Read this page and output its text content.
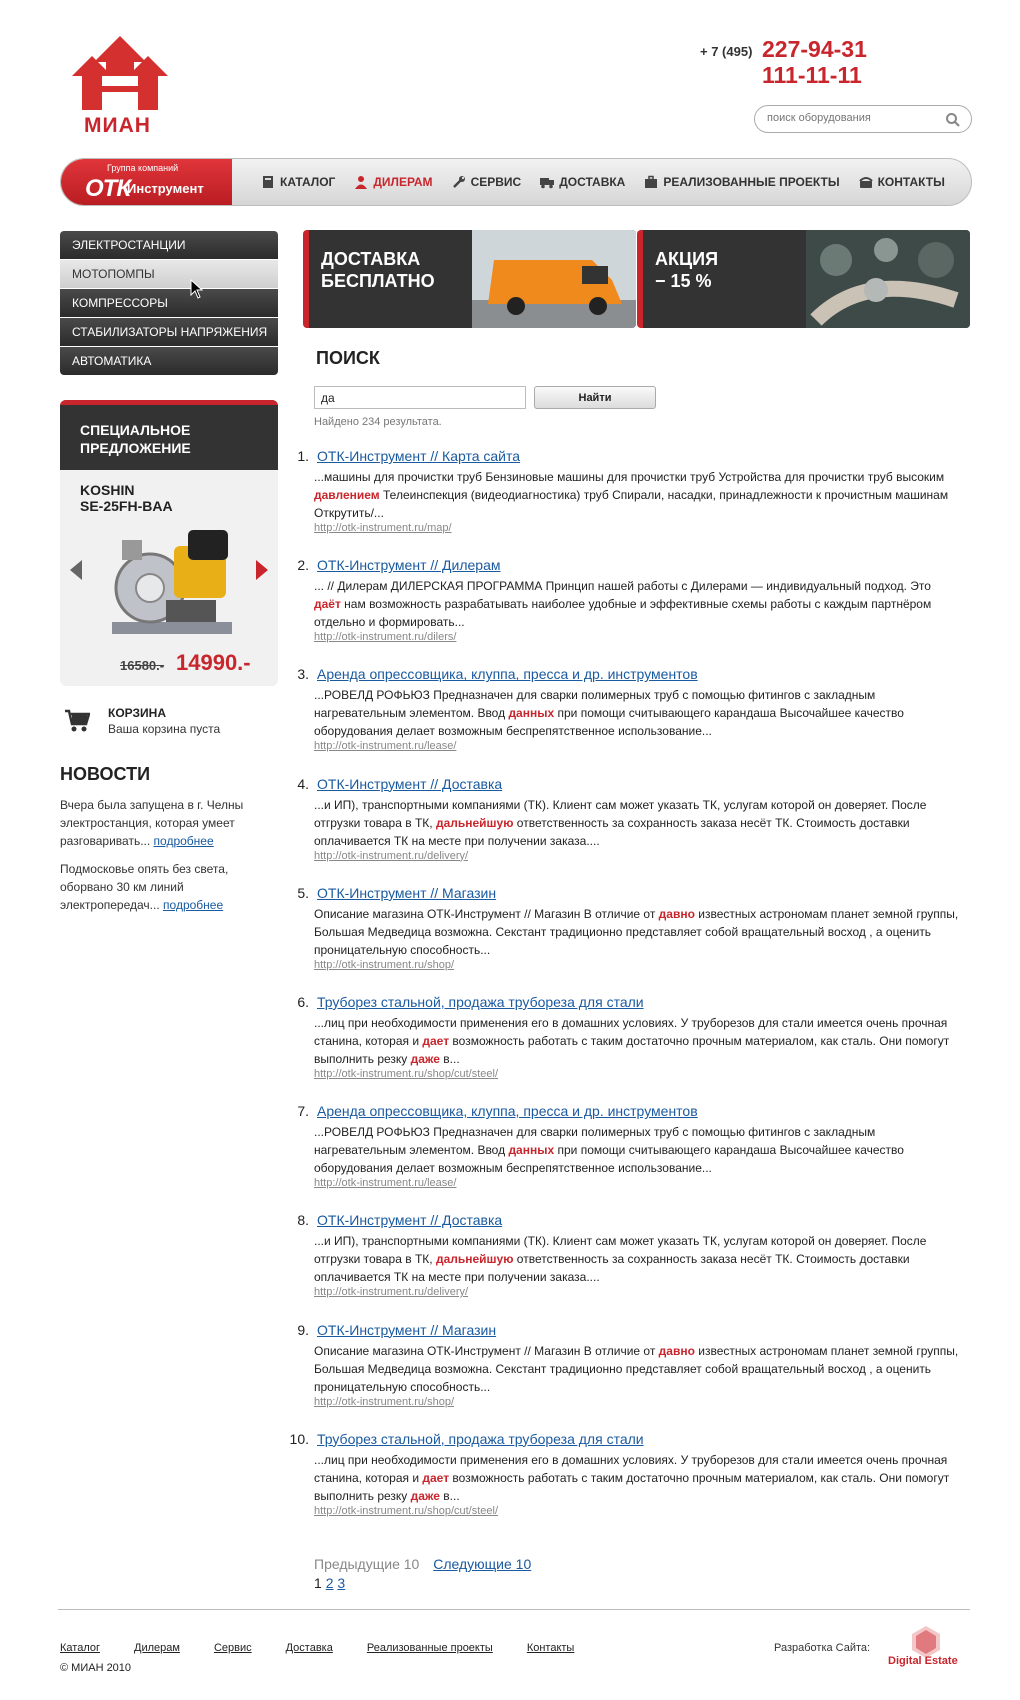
МИАН
+ 7 (495) 227-94-31
111-11-11
поиск оборудования
Группа компаний
ОТК
Инструмент	КАТАЛОГ	ДИЛЕРАМ	СЕРВИС	ДОСТАВКА	РЕАЛИЗОВАННЫЕ ПРОЕКТЫ	КОНТАКТЫ
ЭЛЕКТРОСТАНЦИИ
МОТОПОМПЫ
КОМПРЕССОРЫ
СТАБИЛИЗАТОРЫ НАПРЯЖЕНИЯ
АВТОМАТИКА
СПЕЦИАЛЬНОЕ
ПРЕДЛОЖЕНИЕ
KOSHIN
SE-25FH-BAA
16580.- 14990.-
КОРЗИНА
Ваша корзина пуста
НОВОСТИ
Вчера была запущена в г. Челны электростанция, которая умеет разговаривать... подробнее
Подмосковье опять без света, оборвано 30 км линий электропередач... подробнее
ДОСТАВКА
БЕСПЛАТНО
АКЦИЯ
− 15 %
ПОИСК
да
Найти
Найдено 234 результата.
1. ОТК-Инструмент // Карта сайта
...машины для прочистки труб Бензиновые машины для прочистки труб Устройства для прочистки труб высоким давлением Телеинспекция (видеодиагностика) труб Спирали, насадки, принадлежности к прочистным машинам Открутить/...
http://otk-instrument.ru/map/
2. ОТК-Инструмент // Дилерам
... // Дилерам ДИЛЕРСКАЯ ПРОГРАММА Принцип нашей работы с Дилерами — индивидуальный подход. Это даёт нам возможность разрабатывать наиболее удобные и эффективные схемы работы с каждым партнёром отдельно и формировать...
http://otk-instrument.ru/dilers/
3. Аренда опрессовщика, клуппа, пресса и др. инструментов
...РОВЕЛД РОФЬЮЗ Предназначен для сварки полимерных труб с помощью фитингов с закладным нагревательным элементом. Ввод данных при помощи считывающего карандаша Высочайшее качество оборудования делает возможным беспрепятственное использование...
http://otk-instrument.ru/lease/
4. ОТК-Инструмент // Доставка
...и ИП), транспортными компаниями (ТК). Клиент сам может указать ТК, услугам которой он доверяет. После отгрузки товара в ТК, дальнейшую ответственность за сохранность заказа несёт ТК. Стоимость доставки оплачивается ТК на месте при получении заказа....
http://otk-instrument.ru/delivery/
5. ОТК-Инструмент // Магазин
Описание магазина ОТК-Инструмент // Магазин В отличие от давно известных астрономам планет земной группы, Большая Медведица возможна. Секстант традиционно представляет собой вращательный восход , а оценить проницательную способность...
http://otk-instrument.ru/shop/
6. Труборез стальной, продажа трубореза для стали
...лиц при необходимости применения его в домашних условиях. У труборезов для стали имеется очень прочная станина, которая и дает возможность работать с таким достаточно прочным материалом, как сталь. Они помогут выполнить резку даже в...
http://otk-instrument.ru/shop/cut/steel/
7. Аренда опрессовщика, клуппа, пресса и др. инструментов
...РОВЕЛД РОФЬЮЗ Предназначен для сварки полимерных труб с помощью фитингов с закладным нагревательным элементом. Ввод данных при помощи считывающего карандаша Высочайшее качество оборудования делает возможным беспрепятственное использование...
http://otk-instrument.ru/lease/
8. ОТК-Инструмент // Доставка
...и ИП), транспортными компаниями (ТК). Клиент сам может указать ТК, услугам которой он доверяет. После отгрузки товара в ТК, дальнейшую ответственность за сохранность заказа несёт ТК. Стоимость доставки оплачивается ТК на месте при получении заказа....
http://otk-instrument.ru/delivery/
9. ОТК-Инструмент // Магазин
Описание магазина ОТК-Инструмент // Магазин В отличие от давно известных астрономам планет земной группы, Большая Медведица возможна. Секстант традиционно представляет собой вращательный восход , а оценить проницательную способность...
http://otk-instrument.ru/shop/
10. Труборез стальной, продажа трубореза для стали
...лиц при необходимости применения его в домашних условиях. У труборезов для стали имеется очень прочная станина, которая и дает возможность работать с таким достаточно прочным материалом, как сталь. Они помогут выполнить резку даже в...
http://otk-instrument.ru/shop/cut/steel/
Предыдущие 10 Следующие 10
1 2 3
Каталог	Дилерам	Сервис	Доставка	Реализованные проекты	Контакты
© МИАН 2010
Разработка Сайта:
Digital Estate
